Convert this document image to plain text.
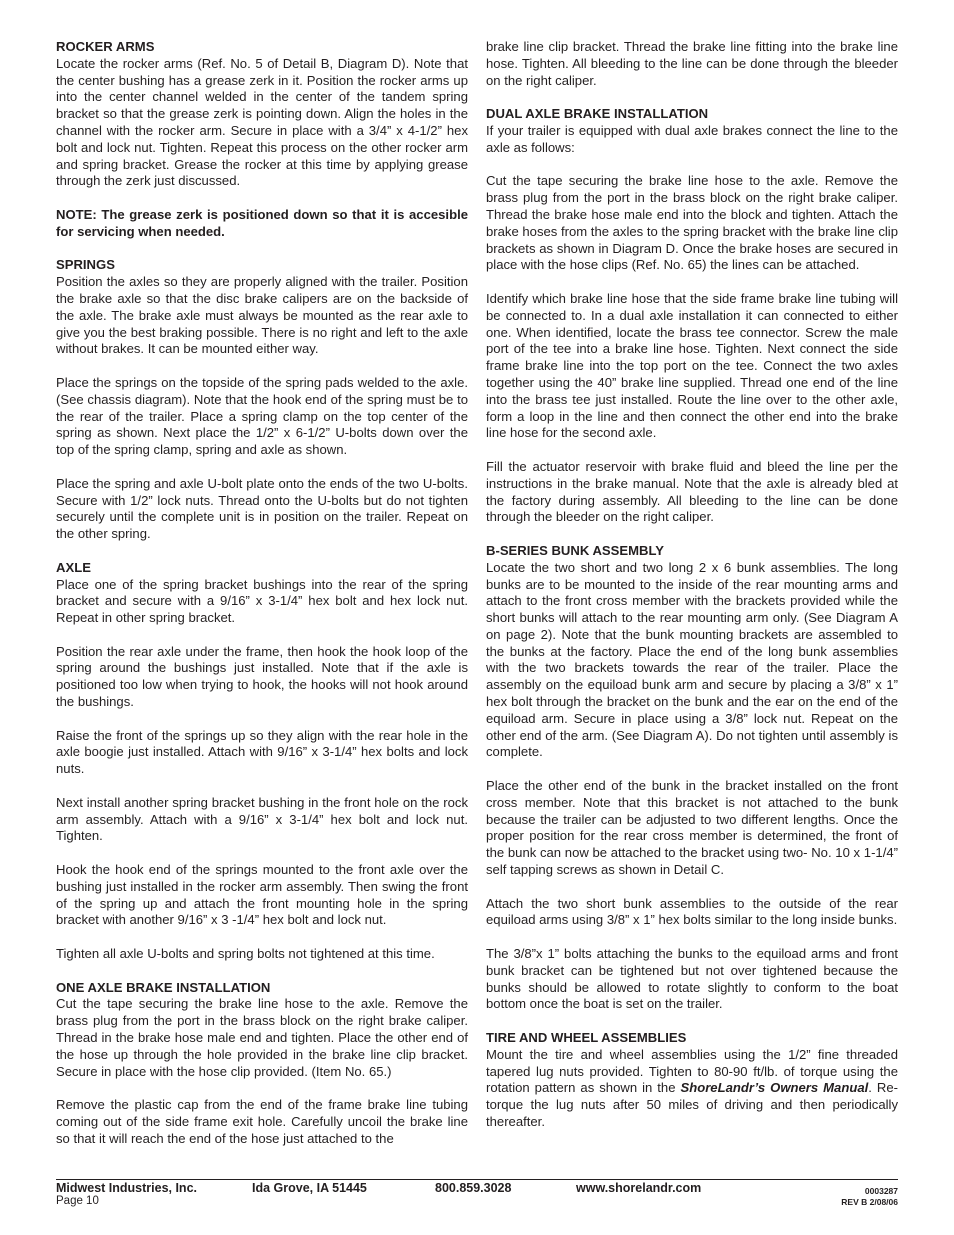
ROCKER ARMS

Locate the rocker arms (Ref. No. 5 of Detail B, Diagram D). Note that the center bushing has a grease zerk in it. Position the rocker arms up into the center channel welded in the center of the tandem spring bracket so that the grease zerk is pointing down. Align the holes in the channel with the rocker arm. Secure in place with a 3/4” x 4-1/2” hex bolt and lock nut. Tighten. Repeat this process on the other rocker arm and spring bracket. Grease the rocker at this time by applying grease through the zerk just discussed.

NOTE: The grease zerk is positioned down so that it is accesible for servicing when needed.

SPRINGS

Position the axles so they are properly aligned with the trailer. Position the brake axle so that the disc brake calipers are on the backside of the axle. The brake axle must always be mounted as the rear axle to give you the best braking possible. There is no right and left to the axle without brakes. It can be mounted either way.

Place the springs on the topside of the spring pads welded to the axle. (See chassis diagram). Note that the hook end of the spring must be to the rear of the trailer. Place a spring clamp on the top center of the spring as shown. Next place the 1/2” x 6-1/2” U-bolts down over the top of the spring clamp, spring and axle as shown.

Place the spring and axle U-bolt plate onto the ends of the two U-bolts. Secure with 1/2” lock nuts. Thread onto the U-bolts but do not tighten securely until the complete unit is in position on the trailer. Repeat on the other spring.

AXLE

Place one of the spring bracket bushings into the rear of the spring bracket and secure with a 9/16” x 3-1/4” hex bolt and hex lock nut. Repeat in other spring bracket.

Position the rear axle under the frame, then hook the hook loop of the spring around the bushings just installed. Note that if the axle is positioned too low when trying to hook, the hooks will not hook around the bushings.

Raise the front of the springs up so they align with the rear hole in the axle boogie just installed. Attach with 9/16” x 3-1/4” hex bolts and lock nuts.

Next install another spring bracket bushing in the front hole on the rock arm assembly. Attach with a 9/16” x 3-1/4” hex bolt and lock nut. Tighten.

Hook the hook end of the springs mounted to the front axle over the bushing just installed in the rocker arm assembly. Then swing the front of the spring up and attach the front mounting hole in the spring bracket with another 9/16” x 3 -1/4” hex bolt and lock nut.

Tighten all axle U-bolts and spring bolts not tightened at this time.

ONE AXLE BRAKE INSTALLATION

Cut the tape securing the brake line hose to the axle. Remove the brass plug from the port in the brass block on the right brake caliper. Thread in the brake hose male end and tighten. Place the other end of the hose up through the hole provided in the brake line clip bracket. Secure in place with the hose clip provided. (Item No. 65.)

Remove the plastic cap from the end of the frame brake line tubing coming out of the side frame exit hole. Carefully uncoil the brake line so that it will reach the end of the hose just attached to the

brake line clip bracket. Thread the brake line fitting into the brake line hose. Tighten. All bleeding to the line can be done through the bleeder on the right caliper.

DUAL AXLE BRAKE INSTALLATION

If your trailer is equipped with dual axle brakes connect the line to the axle as follows:

Cut the tape securing the brake line hose to the axle. Remove the brass plug from the port in the brass block on the right brake caliper. Thread the brake hose male end into the block and tighten. Attach the brake hoses from the axles to the spring bracket with the brake line clip brackets as shown in Diagram D. Once the brake hoses are secured in place with the hose clips (Ref. No. 65) the lines can be attached.

Identify which brake line hose that the side frame brake line tubing will be connected to. In a dual axle installation it can connected to either one. When identified, locate the brass tee connector. Screw the male port of the tee into a brake line hose. Tighten. Next connect the side frame brake line into the top port on the tee. Connect the two axles together using the 40” brake line supplied. Thread one end of the line into the brass tee just installed. Route the line over to the other axle, form a loop in the line and then connect the other end into the brake line hose for the second axle.

Fill the actuator reservoir with brake fluid and bleed the line per the instructions in the brake manual. Note that the axle is already bled at the factory during assembly. All bleeding to the line can be done through the bleeder on the right caliper.

B-SERIES BUNK ASSEMBLY

Locate the two short and two long 2 x 6 bunk assemblies. The long bunks are to be mounted to the inside of the rear mounting arms and attach to the front cross member with the brackets provided while the short bunks will attach to the rear mounting arm only. (See Diagram A on page 2). Note that the bunk mounting brackets are assembled to the bunks at the factory. Place the end of the long bunk assemblies with the two brackets towards the rear of the trailer. Place the assembly on the equiload bunk arm and secure by placing a 3/8” x 1” hex bolt through the bracket on the bunk and the ear on the end of the equiload arm. Secure in place using a 3/8” lock nut. Repeat on the other end of the arm. (See Diagram A). Do not tighten until assembly is complete.

Place the other end of the bunk in the bracket installed on the front cross member. Note that this bracket is not attached to the bunk because the trailer can be adjusted to two different lengths. Once the proper position for the rear cross member is determined, the front of the bunk can now be attached to the bracket using two- No. 10 x 1-1/4” self tapping screws as shown in Detail C.

Attach the two short bunk assemblies to the outside of the rear equiload arms using 3/8” x 1” hex bolts similar to the long inside bunks.

The 3/8”x 1” bolts attaching the bunks to the equiload arms and front bunk bracket can be tightened but not over tightened because the bunks should be allowed to rotate slightly to conform to the boat bottom once the boat is set on the trailer.

TIRE AND WHEEL ASSEMBLIES

Mount the tire and wheel assemblies using the 1/2” fine threaded tapered lug nuts provided. Tighten to 80-90 ft/lb. of torque using the rotation pattern as shown in the ShoreLandr’s Owners Manual. Re-torque the lug nuts after 50 miles of driving and then periodically thereafter.

Midwest Industries, Inc.	Ida Grove, IA 51445	800.859.3028	www.shorelandr.com
Page 10
0003287
REV B 2/08/06
